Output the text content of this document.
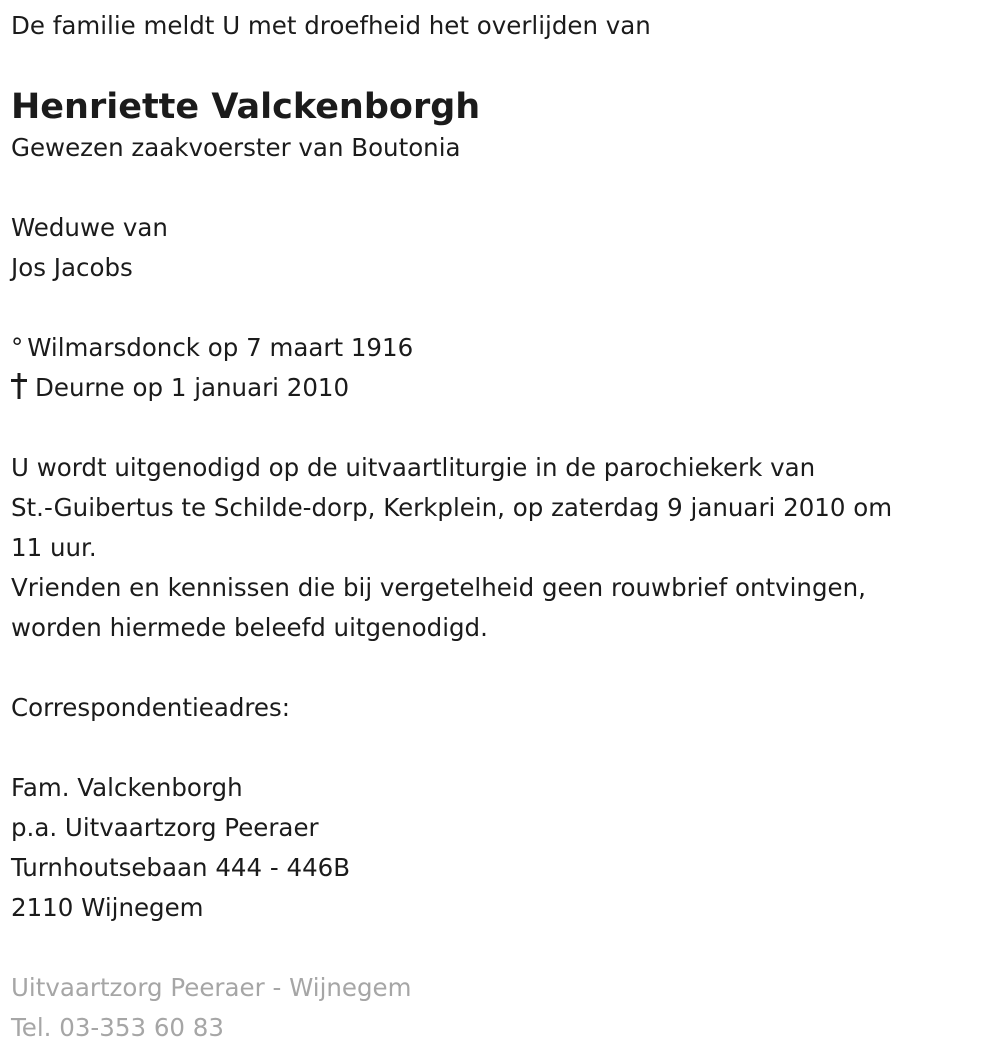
De familie meldt U met droefheid het overlijden van
Henriette Valckenborgh
Gewezen zaakvoerster van Boutonia
Weduwe van
Jos Jacobs
° Wilmarsdonck op 7 maart 1916
Deurne op 1 januari 2010
U wordt uitgenodigd op de uitvaartliturgie in de parochiekerk van
St.-Guibertus te Schilde-dorp, Kerkplein, op zaterdag 9 januari 2010 om
11 uur.
Vrienden en kennissen die bij vergetelheid geen rouwbrief ontvingen,
worden hiermede beleefd uitgenodigd.
Correspondentieadres:
Fam. Valckenborgh
p.a. Uitvaartzorg Peeraer
Turnhoutsebaan 444 - 446B
2110 Wijnegem
Uitvaartzorg Peeraer - Wijnegem
Tel. 03-353 60 83
